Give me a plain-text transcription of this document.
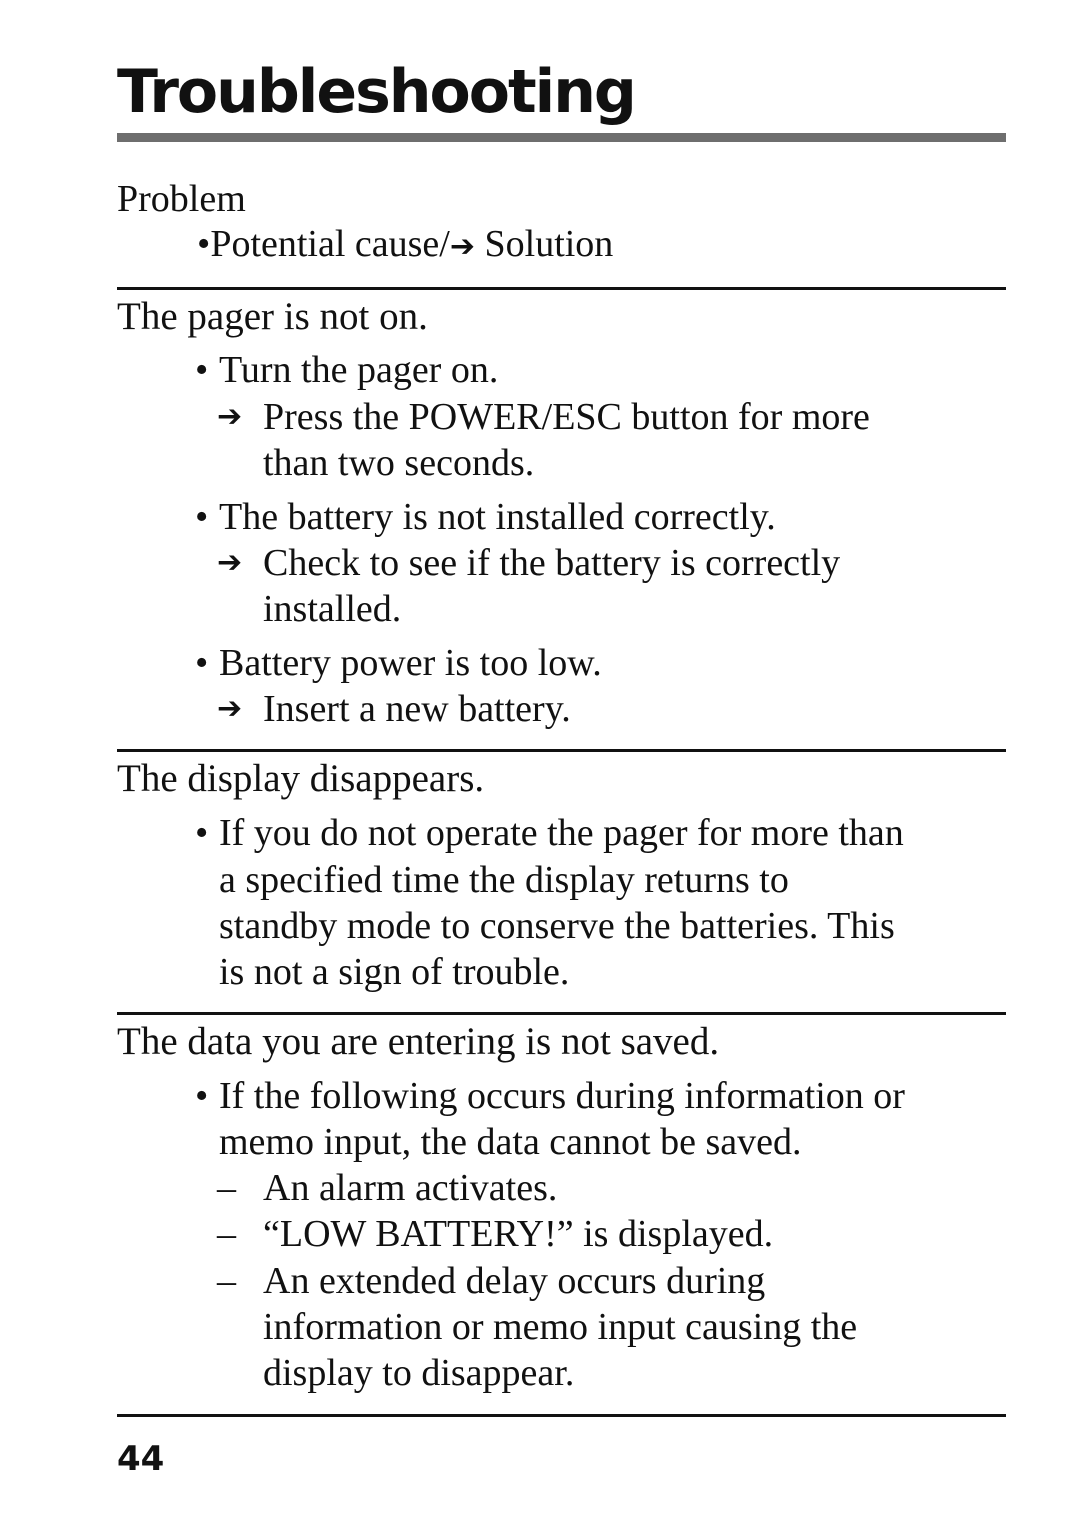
Troubleshooting
Problem
•Potential cause/➔ Solution
The pager is not on.
• Turn the pager on.
➔ Press the POWER/ESC button for more
than two seconds.
• The battery is not installed correctly.
➔ Check to see if the battery is correctly
installed.
• Battery power is too low.
➔ Insert a new battery.
The display disappears.
• If you do not operate the pager for more than
a specified time the display returns to
standby mode to conserve the batteries. This
is not a sign of trouble.
The data you are entering is not saved.
• If the following occurs during information or
memo input, the data cannot be saved.
– An alarm activates.
– “LOW BATTERY!” is displayed.
– An extended delay occurs during
information or memo input causing the
display to disappear.
44
